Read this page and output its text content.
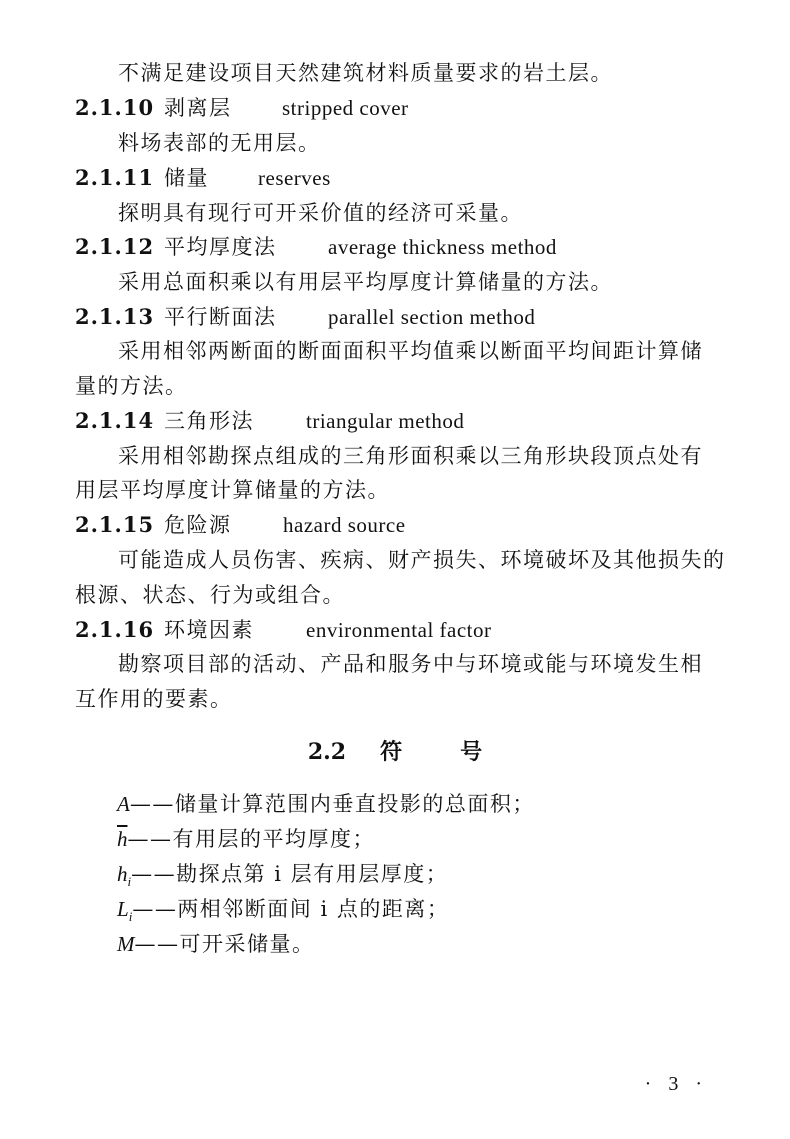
不满足建设项目天然建筑材料质量要求的岩土层。
2.1.10 剥离层 stripped cover
料场表部的无用层。
2.1.11 储量 reserves
探明具有现行可开采价值的经济可采量。
2.1.12 平均厚度法 average thickness method
采用总面积乘以有用层平均厚度计算储量的方法。
2.1.13 平行断面法 parallel section method
采用相邻两断面的断面面积平均值乘以断面平均间距计算储
量的方法。
2.1.14 三角形法 triangular method
采用相邻勘探点组成的三角形面积乘以三角形块段顶点处有
用层平均厚度计算储量的方法。
2.1.15 危险源 hazard source
可能造成人员伤害、疾病、财产损失、环境破坏及其他损失的
根源、状态、行为或组合。
2.1.16 环境因素 environmental factor
勘察项目部的活动、产品和服务中与环境或能与环境发生相
互作用的要素。
2.2 符号
A——储量计算范围内垂直投影的总面积；
$\overline{h}——$有用层的平均厚度；
$h_i——$勘探点第 i 层有用层厚度；
$L_i——$两相邻断面间 i 点的距离；
M——可开采储量。
· 3 ·
